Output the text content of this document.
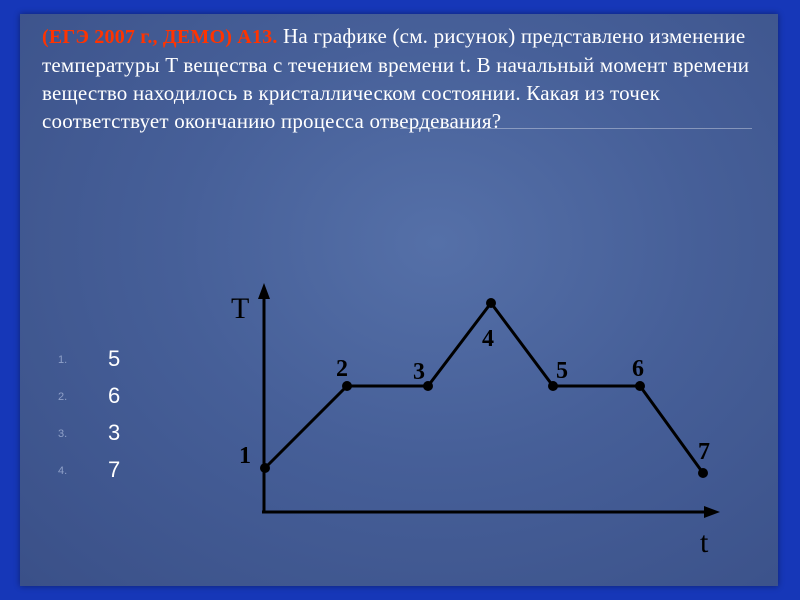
(ЕГЭ 2007 г., ДЕМО) А13. На графике (см. рисунок) представлено изменение температуры T вещества с течением времени t. В начальный момент времени вещество находилось в кристаллическом состоянии. Какая из точек соответствует окончанию процесса отвердевания?
1.	5
2.	6
3.	3
4.	7
T
t
1
2	3
4
5	6
7
